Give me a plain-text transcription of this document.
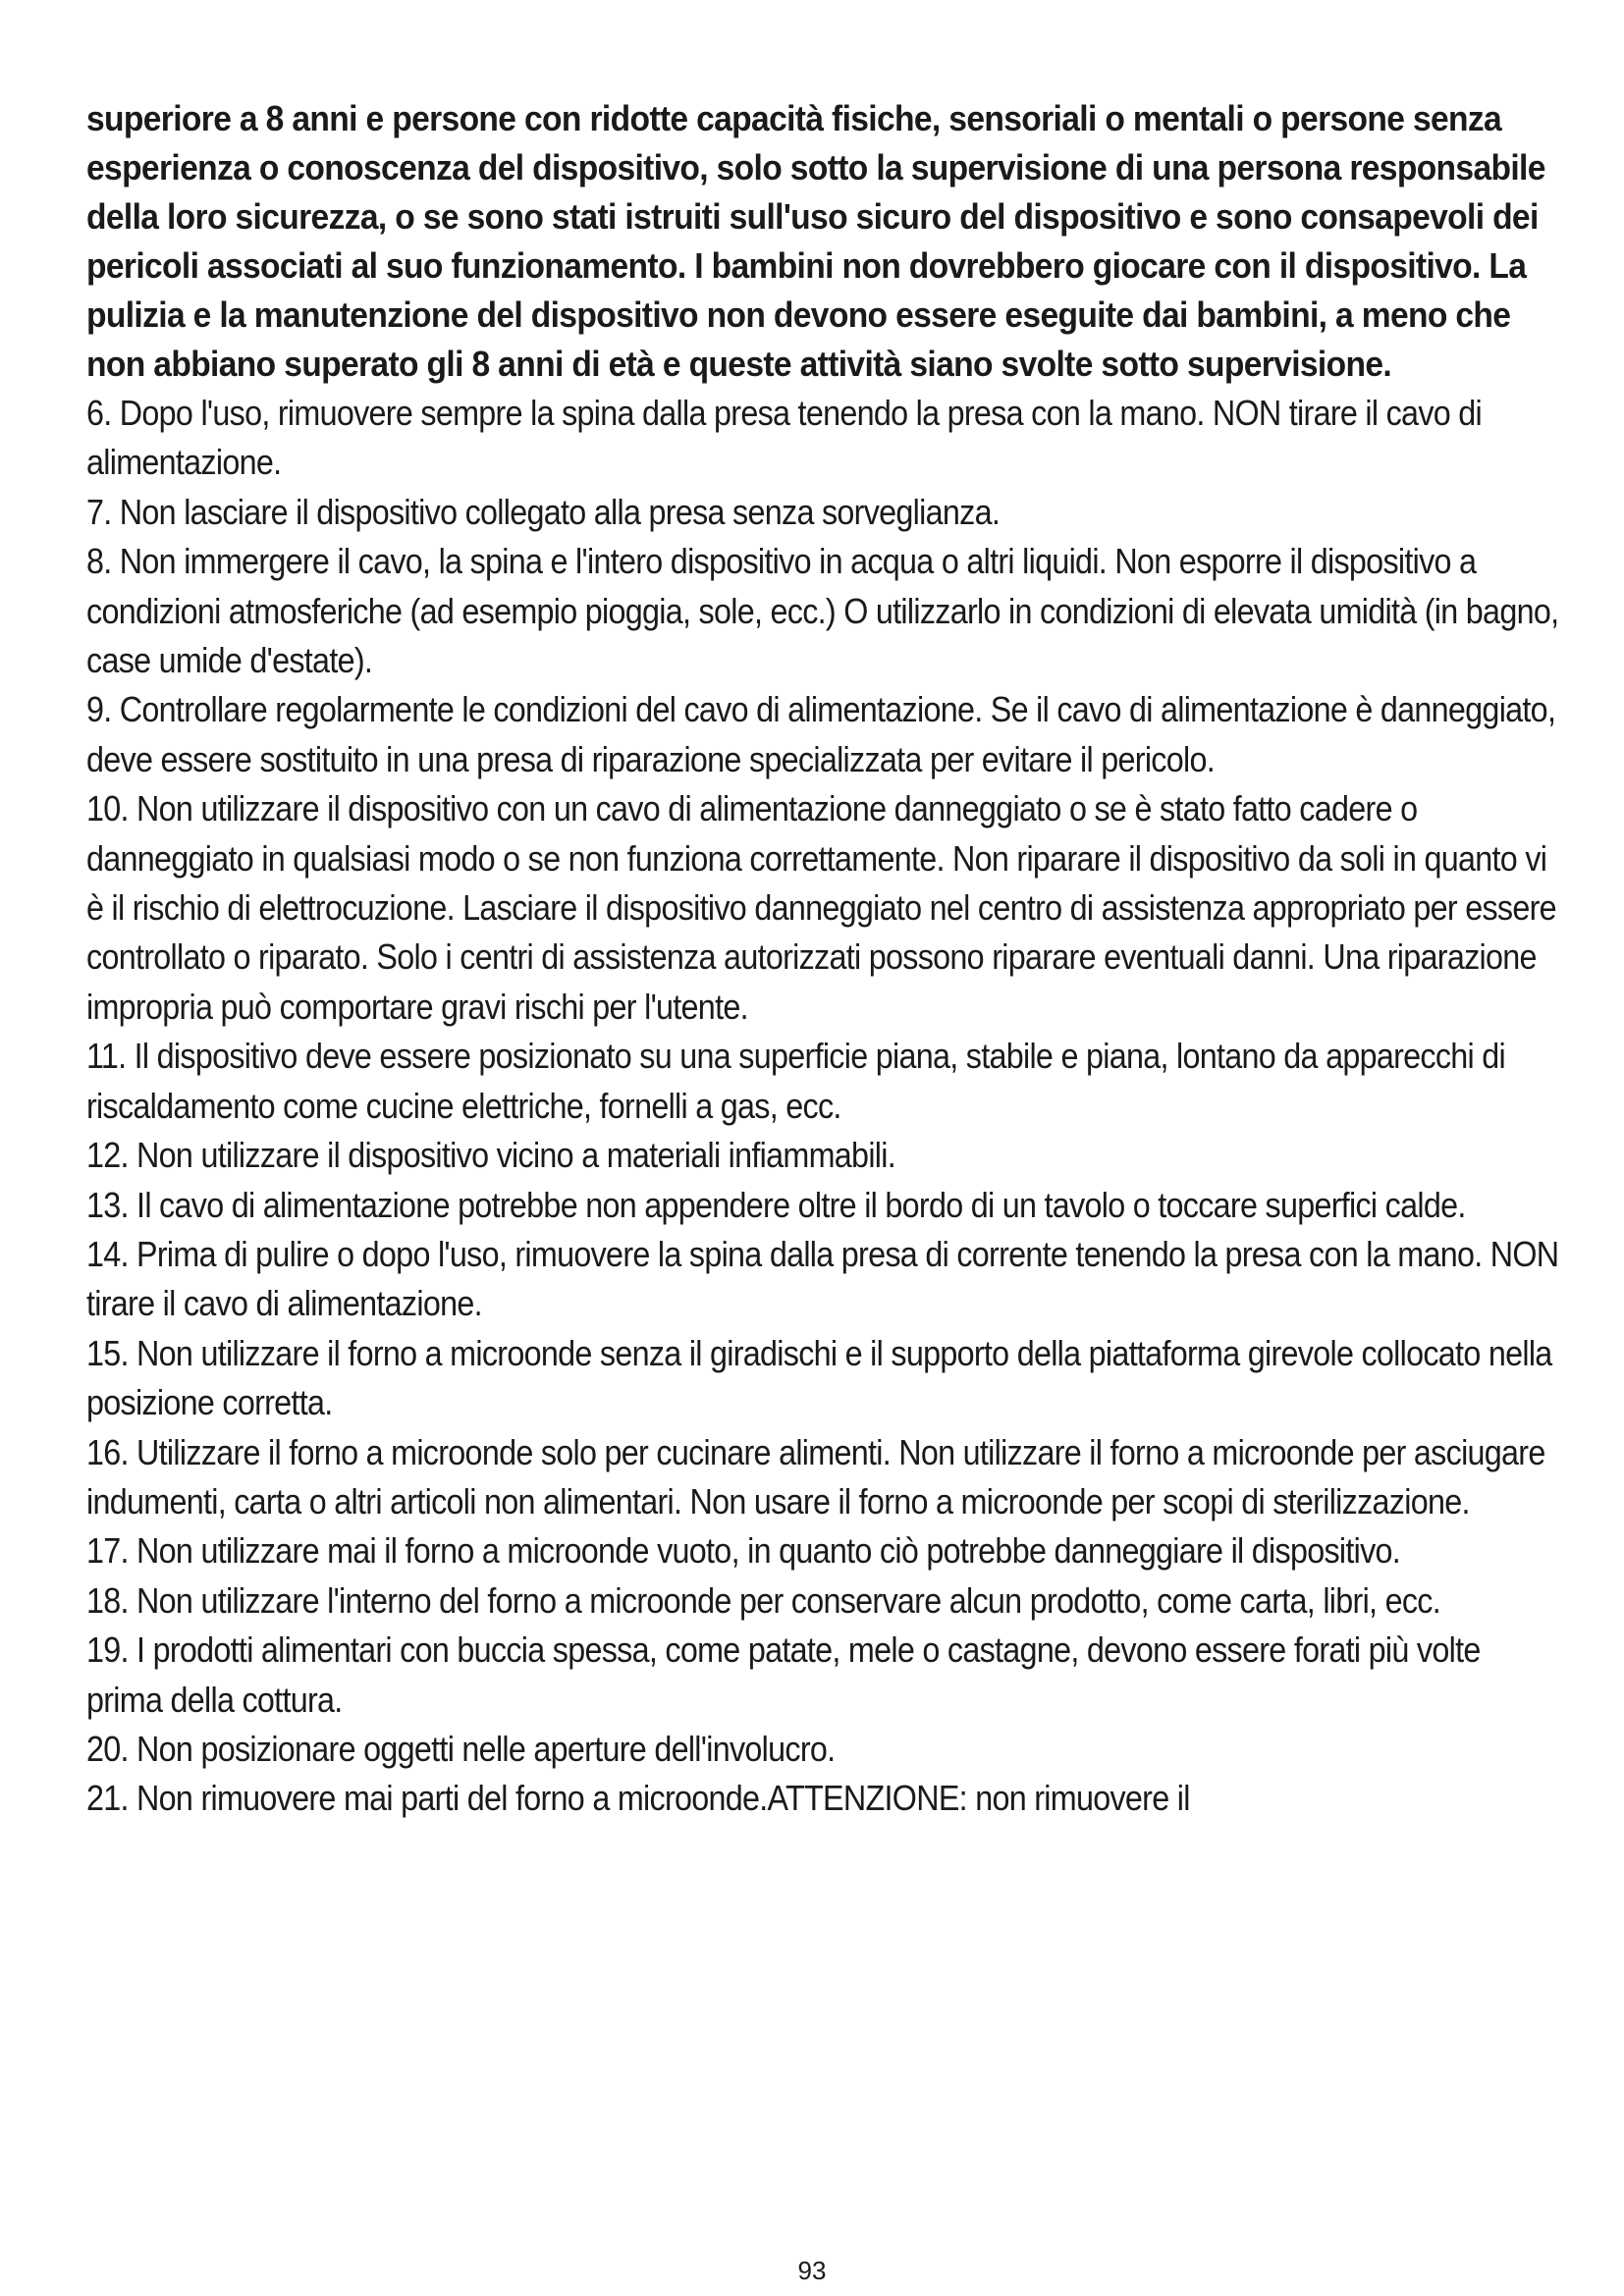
superiore a 8 anni e persone con ridotte capacità fisiche, sensoriali o mentali o persone senza esperienza o conoscenza del dispositivo, solo sotto la supervisione di una persona responsabile della loro sicurezza, o se sono stati istruiti sull'uso sicuro del dispositivo e sono consapevoli dei pericoli associati al suo funzionamento. I bambini non dovrebbero giocare con il dispositivo. La pulizia e la manutenzione del dispositivo non devono essere eseguite dai bambini, a meno che non abbiano superato gli 8 anni di età e queste attività siano svolte sotto supervisione.

6. Dopo l'uso, rimuovere sempre la spina dalla presa tenendo la presa con la mano. NON tirare il cavo di alimentazione.

7. Non lasciare il dispositivo collegato alla presa senza sorveglianza.

8. Non immergere il cavo, la spina e l'intero dispositivo in acqua o altri liquidi. Non esporre il dispositivo a condizioni atmosferiche (ad esempio pioggia, sole, ecc.) O utilizzarlo in condizioni di elevata umidità (in bagno, case umide d'estate).

9. Controllare regolarmente le condizioni del cavo di alimentazione. Se il cavo di alimentazione è danneggiato, deve essere sostituito in una presa di riparazione specializzata per evitare il pericolo.

10. Non utilizzare il dispositivo con un cavo di alimentazione danneggiato o se è stato fatto cadere o danneggiato in qualsiasi modo o se non funziona correttamente. Non riparare il dispositivo da soli in quanto vi è il rischio di elettrocuzione. Lasciare il dispositivo danneggiato nel centro di assistenza appropriato per essere controllato o riparato. Solo i centri di assistenza autorizzati possono riparare eventuali danni. Una riparazione impropria può comportare gravi rischi per l'utente.

11. Il dispositivo deve essere posizionato su una superficie piana, stabile e piana, lontano da apparecchi di riscaldamento come cucine elettriche, fornelli a gas, ecc.

12. Non utilizzare il dispositivo vicino a materiali infiammabili.

13. Il cavo di alimentazione potrebbe non appendere oltre il bordo di un tavolo o toccare superfici calde.

14. Prima di pulire o dopo l'uso, rimuovere la spina dalla presa di corrente tenendo la presa con la mano. NON tirare il cavo di alimentazione.

15. Non utilizzare il forno a microonde senza il giradischi e il supporto della piattaforma girevole collocato nella posizione corretta.

16. Utilizzare il forno a microonde solo per cucinare alimenti. Non utilizzare il forno a microonde per asciugare indumenti, carta o altri articoli non alimentari. Non usare il forno a microonde per scopi di sterilizzazione.

17. Non utilizzare mai il forno a microonde vuoto, in quanto ciò potrebbe danneggiare il dispositivo.

18. Non utilizzare l'interno del forno a microonde per conservare alcun prodotto, come carta, libri, ecc.

19. I prodotti alimentari con buccia spessa, come patate, mele o castagne, devono essere forati più volte prima della cottura.

20. Non posizionare oggetti nelle aperture dell'involucro.

21. Non rimuovere mai parti del forno a microonde.ATTENZIONE: non rimuovere il

93
